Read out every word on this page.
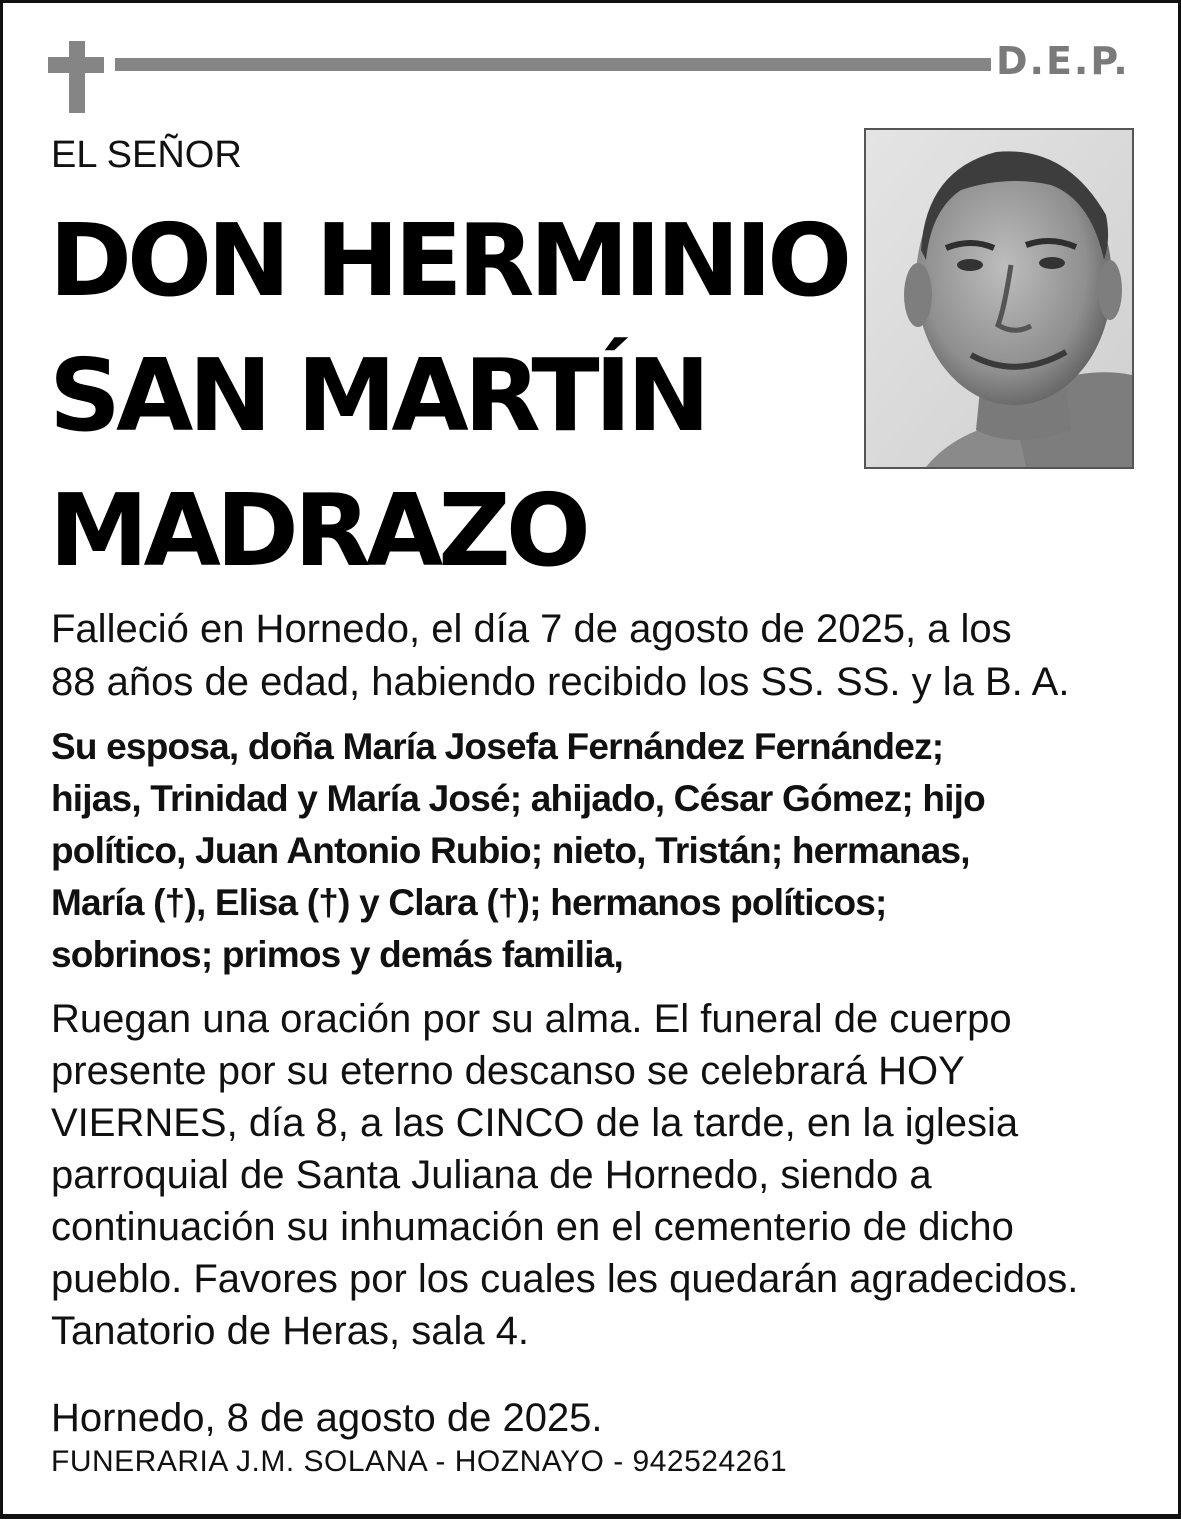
D.E.P.
EL SEÑOR
DON HERMINIO
SAN MARTÍN
MADRAZO
Falleció en Hornedo, el día 7 de agosto de 2025, a los
88 años de edad, habiendo recibido los SS. SS. y la B. A.
Su esposa, doña María Josefa Fernández Fernández;
hijas, Trinidad y María José; ahijado, César Gómez; hijo
político, Juan Antonio Rubio; nieto, Tristán; hermanas,
María (†), Elisa (†) y Clara (†); hermanos políticos;
sobrinos; primos y demás familia,
Ruegan una oración por su alma. El funeral de cuerpo
presente por su eterno descanso se celebrará HOY
VIERNES, día 8, a las CINCO de la tarde, en la iglesia
parroquial de Santa Juliana de Hornedo, siendo a
continuación su inhumación en el cementerio de dicho
pueblo. Favores por los cuales les quedarán agradecidos.
Tanatorio de Heras, sala 4.
Hornedo, 8 de agosto de 2025.
FUNERARIA J.M. SOLANA - HOZNAYO - 942524261
